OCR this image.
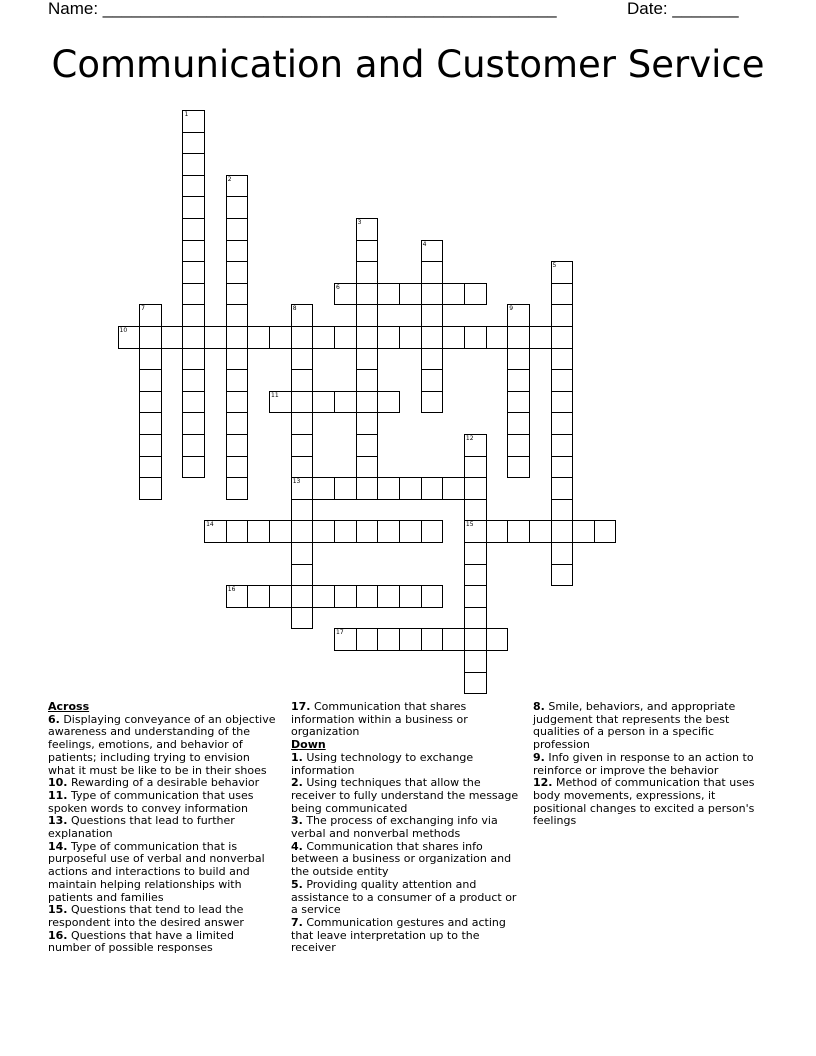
Name: ________________________________________________	Date: _______
Communication and Customer Service
1
2
3
4
5
6
7	8
13
9
10
11
12
15
14
16
17
Across

6. Displaying conveyance of an objective awareness and understanding of the feelings, emotions, and behavior of patients; including trying to envision what it must be like to be in their shoes

10. Rewarding of a desirable behavior

11. Type of communication that uses spoken words to convey information

13. Questions that lead to further explanation

14. Type of communication that is purposeful use of verbal and nonverbal actions and interactions to build and maintain helping relationships with patients and families

15. Questions that tend to lead the respondent into the desired answer

16. Questions that have a limited number of possible responses

17. Communication that shares information within a business or organization

Down

1. Using technology to exchange information

2. Using techniques that allow the receiver to fully understand the message being communicated

3. The process of exchanging info via verbal and nonverbal methods

4. Communication that shares info between a business or organization and the outside entity

5. Providing quality attention and assistance to a consumer of a product or a service

7. Communication gestures and acting that leave interpretation up to the receiver

8. Smile, behaviors, and appropriate judgement that represents the best qualities of a person in a specific profession

9. Info given in response to an action to reinforce or improve the behavior

12. Method of communication that uses body movements, expressions, it positional changes to excited a person's feelings
